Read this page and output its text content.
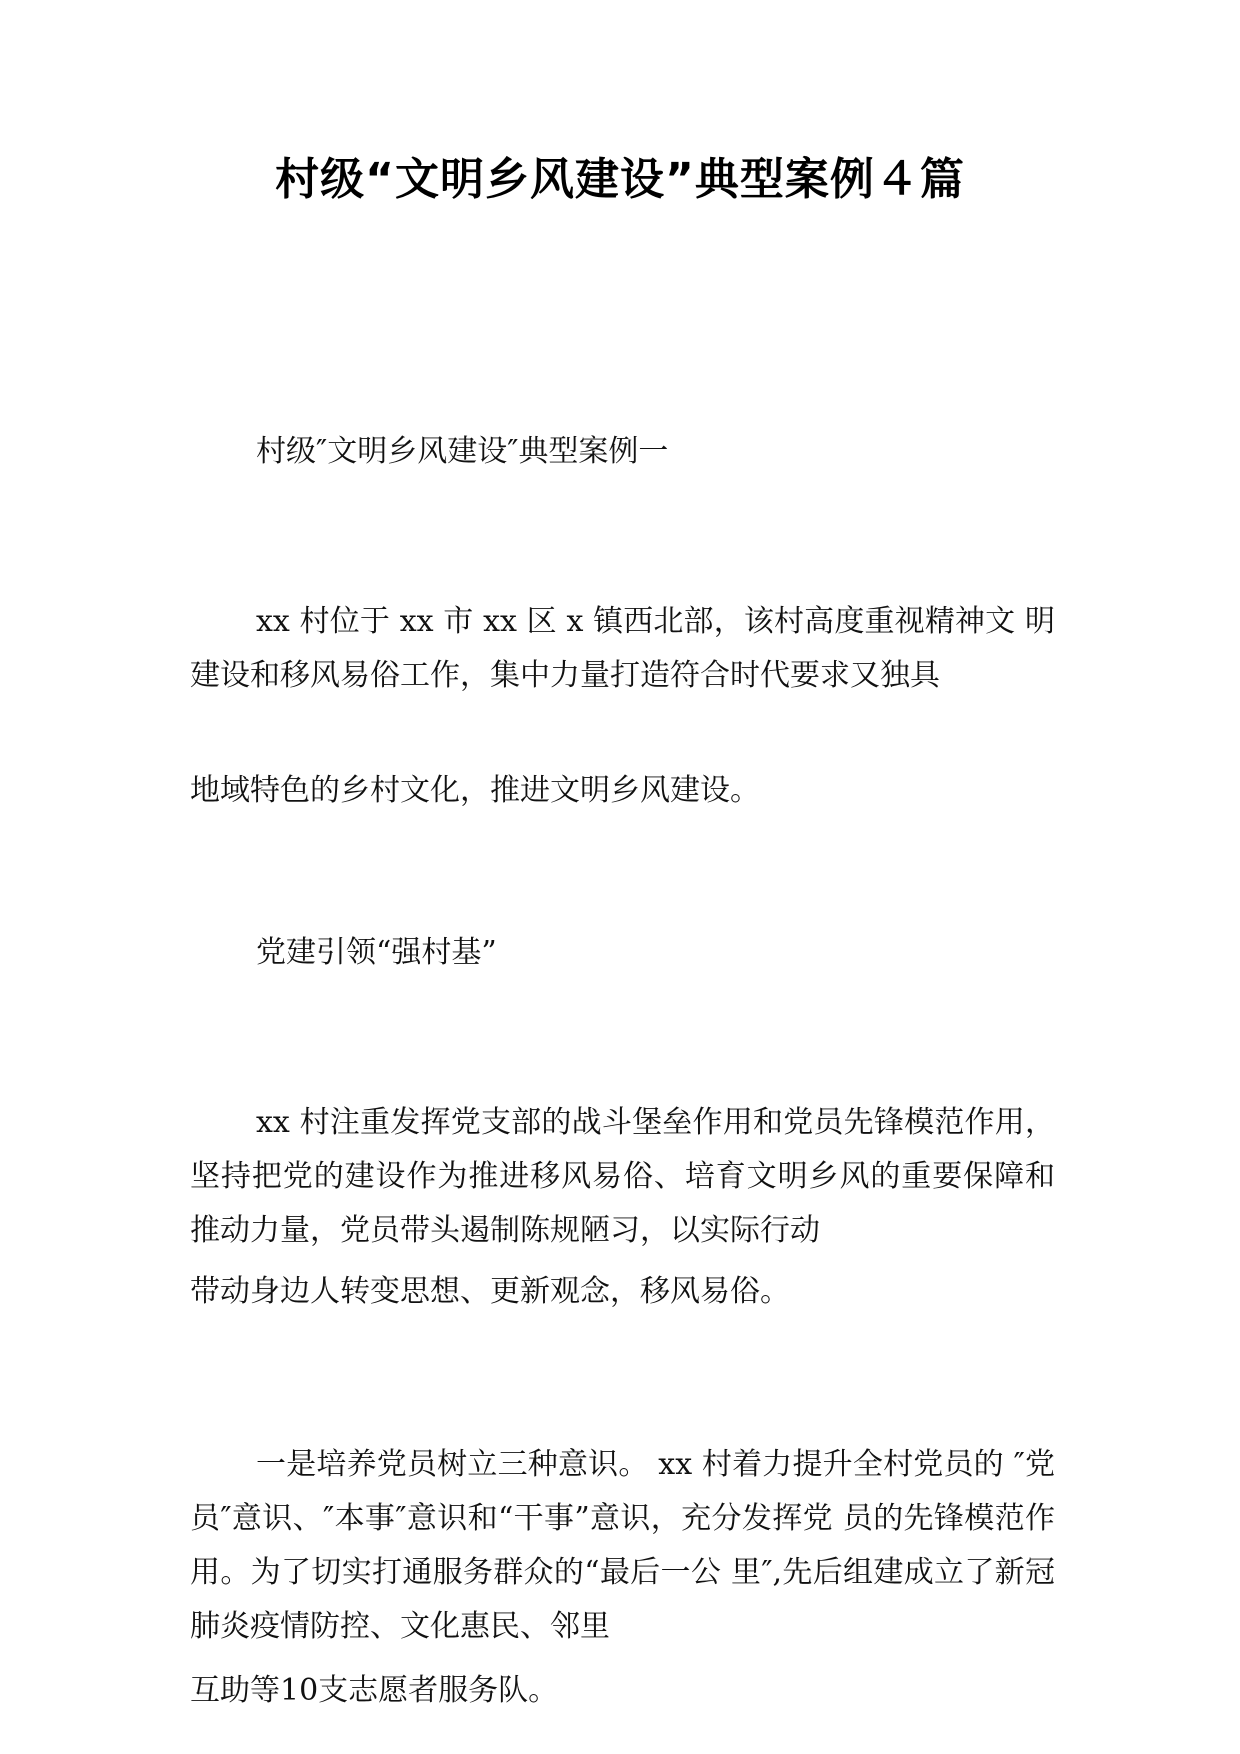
村级“文明乡风建设”典型案例４篇

村级″文明乡风建设″典型案例一

xx 村位于 xx 市 xx 区 x 镇西北部，该村高度重视精神文 明建设和移风易俗工作，集中力量打造符合时代要求又独具

地域特色的乡村文化，推进文明乡风建设。

党建引领“强村基”

xx 村注重发挥党支部的战斗堡垒作用和党员先锋模范作用，坚持把党的建设作为推进移风易俗、培育文明乡风的重要保障和推动力量，党员带头遏制陈规陋习，以实际行动

带动身边人转变思想、更新观念，移风易俗。

一是培养党员树立三种意识。 xx 村着力提升全村党员的 ″党员″意识、″本事″意识和“干事”意识，充分发挥党 员的先锋模范作用。为了切实打通服务群众的“最后一公 里″,先后组建成立了新冠肺炎疫情防控、文化惠民、邻里

互助等10支志愿者服务队。
